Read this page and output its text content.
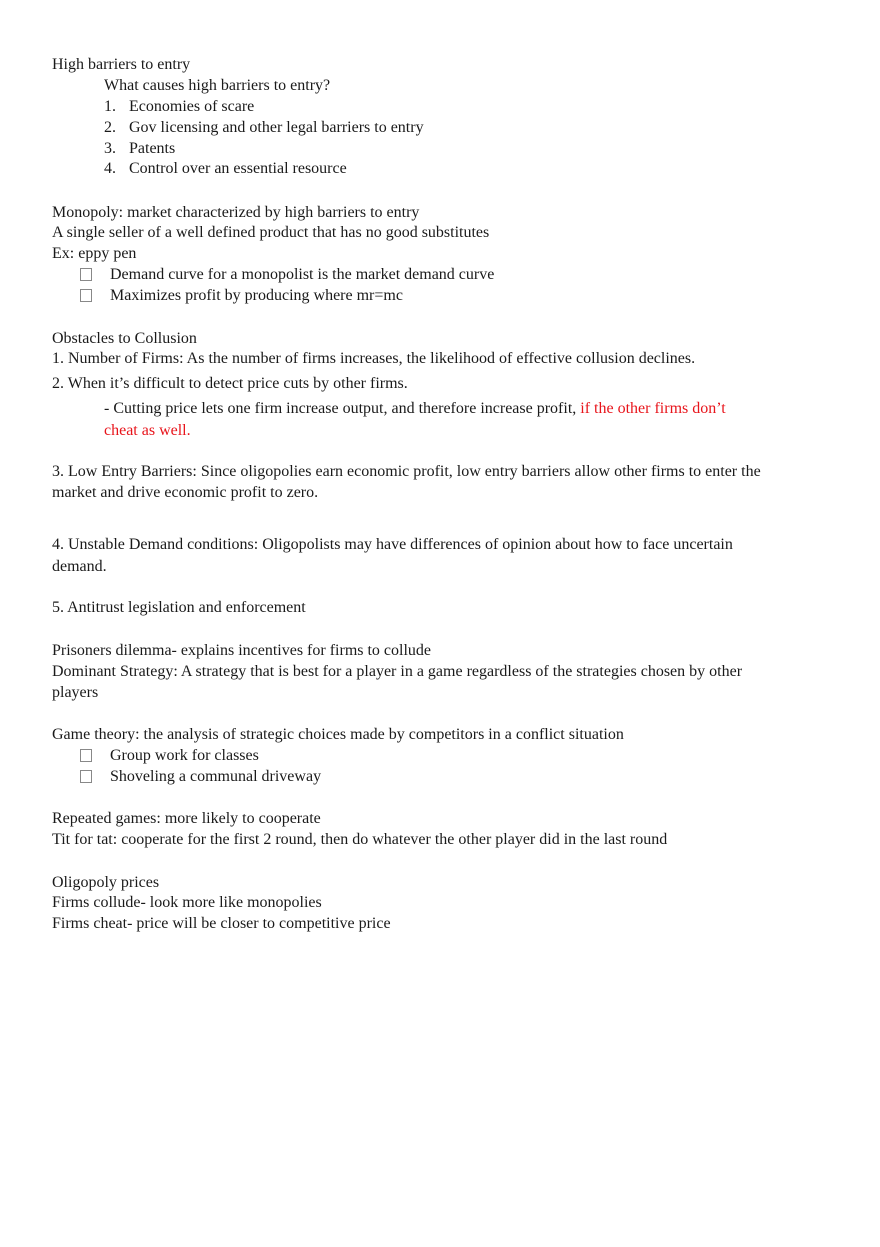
High barriers to entry
What causes high barriers to entry?
1. Economies of scare
2. Gov licensing and other legal barriers to entry
3. Patents
4. Control over an essential resource
Monopoly: market characterized by high barriers to entry
A single seller of a well defined product that has no good substitutes
Ex: eppy pen
Demand curve for a monopolist is the market demand curve
Maximizes profit by producing where mr=mc
Obstacles to Collusion
1. Number of Firms: As the number of firms increases, the likelihood of effective collusion declines.
2. When it’s difficult to detect price cuts by other firms.
- Cutting price lets one firm increase output, and therefore increase profit, if the other firms don’t
cheat as well.
3. Low Entry Barriers: Since oligopolies earn economic profit, low entry barriers allow other firms to enter the
market and drive economic profit to zero.
4. Unstable Demand conditions: Oligopolists may have differences of opinion about how to face uncertain
demand.
5. Antitrust legislation and enforcement
Prisoners dilemma- explains incentives for firms to collude
Dominant Strategy: A strategy that is best for a player in a game regardless of the strategies chosen by other
players
Game theory: the analysis of strategic choices made by competitors in a conflict situation
Group work for classes
Shoveling a communal driveway
Repeated games: more likely to cooperate
Tit for tat: cooperate for the first 2 round, then do whatever the other player did in the last round
Oligopoly prices
Firms collude- look more like monopolies
Firms cheat- price will be closer to competitive price
